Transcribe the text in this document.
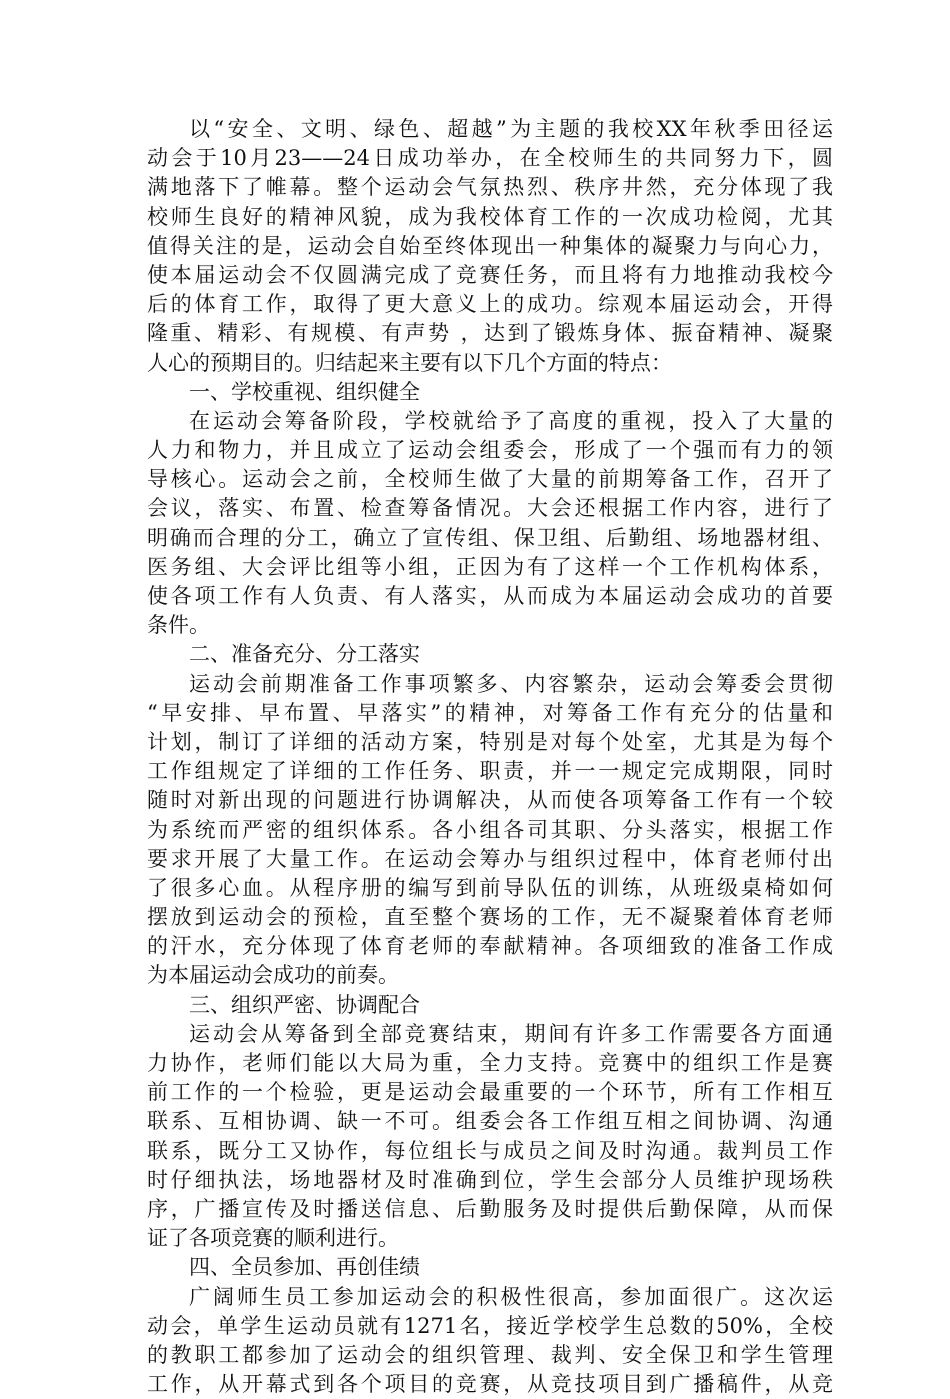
以“安全、文明、绿色、超越”为主题的我校XX年秋季田径运
动会于10月23——24日成功举办，在全校师生的共同努力下，圆
满地落下了帷幕。整个运动会气氛热烈、秩序井然，充分体现了我
校师生良好的精神风貌，成为我校体育工作的一次成功检阅，尤其
值得关注的是，运动会自始至终体现出一种集体的凝聚力与向心力，
使本届运动会不仅圆满完成了竞赛任务，而且将有力地推动我校今
后的体育工作，取得了更大意义上的成功。综观本届运动会，开得
隆重、精彩、有规模、有声势 ，达到了锻炼身体、振奋精神、凝聚
人心的预期目的。归结起来主要有以下几个方面的特点：
一、学校重视、组织健全
在运动会筹备阶段，学校就给予了高度的重视，投入了大量的
人力和物力，并且成立了运动会组委会，形成了一个强而有力的领
导核心。运动会之前，全校师生做了大量的前期筹备工作，召开了
会议，落实、布置、检查筹备情况。大会还根据工作内容，进行了
明确而合理的分工，确立了宣传组、保卫组、后勤组、场地器材组、
医务组、大会评比组等小组，正因为有了这样一个工作机构体系，
使各项工作有人负责、有人落实，从而成为本届运动会成功的首要
条件。
二、准备充分、分工落实
运动会前期准备工作事项繁多、内容繁杂，运动会筹委会贯彻
“早安排、早布置、早落实”的精神，对筹备工作有充分的估量和
计划，制订了详细的活动方案，特别是对每个处室，尤其是为每个
工作组规定了详细的工作任务、职责，并一一规定完成期限，同时
随时对新出现的问题进行协调解决，从而使各项筹备工作有一个较
为系统而严密的组织体系。各小组各司其职、分头落实，根据工作
要求开展了大量工作。在运动会筹办与组织过程中，体育老师付出
了很多心血。从程序册的编写到前导队伍的训练，从班级桌椅如何
摆放到运动会的预检，直至整个赛场的工作，无不凝聚着体育老师
的汗水，充分体现了体育老师的奉献精神。各项细致的准备工作成
为本届运动会成功的前奏。
三、组织严密、协调配合
运动会从筹备到全部竞赛结束，期间有许多工作需要各方面通
力协作，老师们能以大局为重，全力支持。竞赛中的组织工作是赛
前工作的一个检验，更是运动会最重要的一个环节，所有工作相互
联系、互相协调、缺一不可。组委会各工作组互相之间协调、沟通
联系，既分工又协作，每位组长与成员之间及时沟通。裁判员工作
时仔细执法，场地器材及时准确到位，学生会部分人员维护现场秩
序，广播宣传及时播送信息、后勤服务及时提供后勤保障，从而保
证了各项竞赛的顺利进行。
四、全员参加、再创佳绩
广阔师生员工参加运动会的积极性很高，参加面很广。这次运
动会，单学生运动员就有1271名，接近学校学生总数的50%，全校
的教职工都参加了运动会的组织管理、裁判、安全保卫和学生管理
工作，从开幕式到各个项目的竞赛，从竞技项目到广播稿件，从竞
